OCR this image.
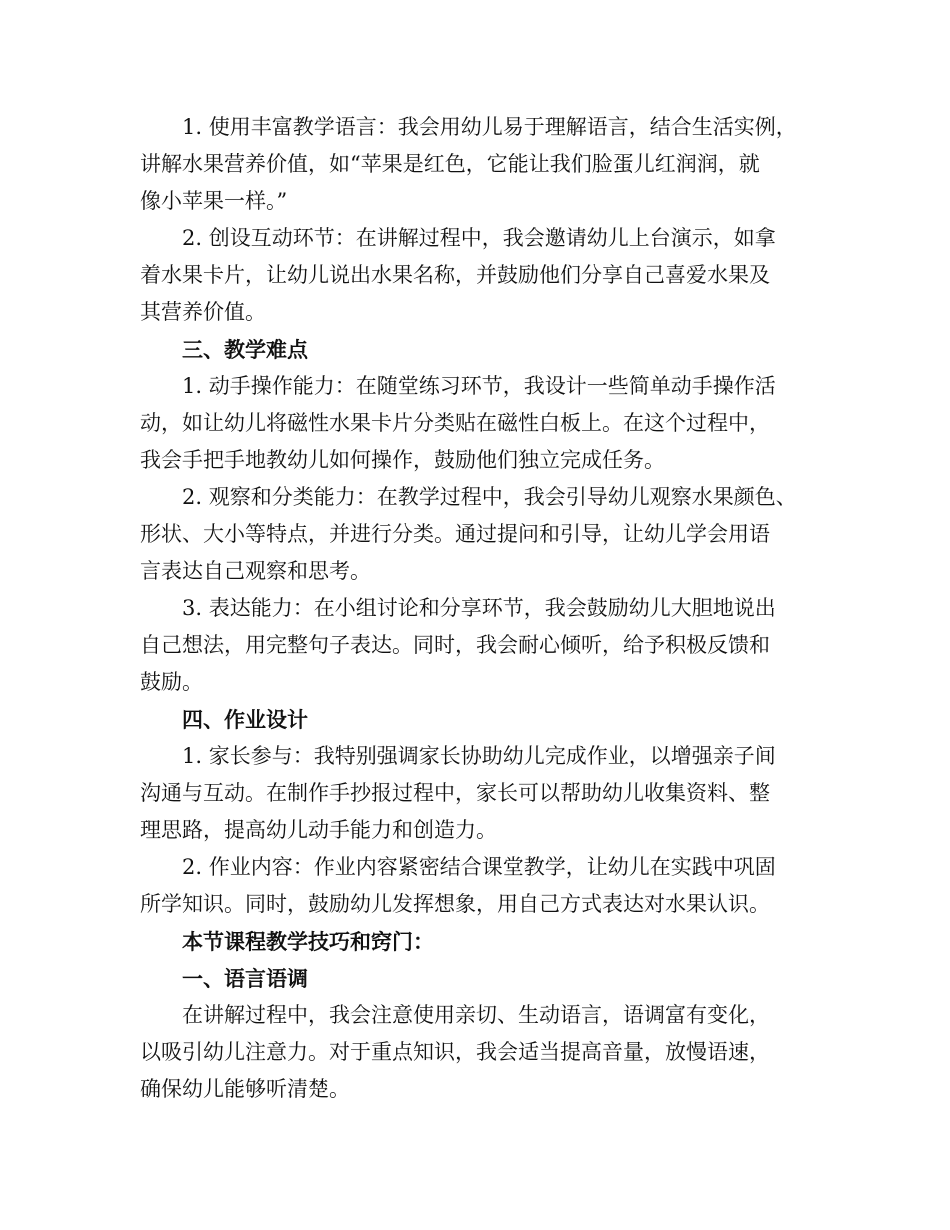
1. 使用丰富教学语言：我会用幼儿易于理解语言，结合生活实例，
讲解水果营养价值，如“苹果是红色，它能让我们脸蛋儿红润润，就
像小苹果一样。”
2. 创设互动环节：在讲解过程中，我会邀请幼儿上台演示，如拿
着水果卡片，让幼儿说出水果名称，并鼓励他们分享自己喜爱水果及
其营养价值。
三、教学难点
1. 动手操作能力：在随堂练习环节，我设计一些简单动手操作活
动，如让幼儿将磁性水果卡片分类贴在磁性白板上。在这个过程中，
我会手把手地教幼儿如何操作，鼓励他们独立完成任务。
2. 观察和分类能力：在教学过程中，我会引导幼儿观察水果颜色、
形状、大小等特点，并进行分类。通过提问和引导，让幼儿学会用语
言表达自己观察和思考。
3. 表达能力：在小组讨论和分享环节，我会鼓励幼儿大胆地说出
自己想法，用完整句子表达。同时，我会耐心倾听，给予积极反馈和
鼓励。
四、作业设计
1. 家长参与：我特别强调家长协助幼儿完成作业，以增强亲子间
沟通与互动。在制作手抄报过程中，家长可以帮助幼儿收集资料、整
理思路，提高幼儿动手能力和创造力。
2. 作业内容：作业内容紧密结合课堂教学，让幼儿在实践中巩固
所学知识。同时，鼓励幼儿发挥想象，用自己方式表达对水果认识。
本节课程教学技巧和窍门：
一、语言语调
在讲解过程中，我会注意使用亲切、生动语言，语调富有变化，
以吸引幼儿注意力。对于重点知识，我会适当提高音量，放慢语速，
确保幼儿能够听清楚。
